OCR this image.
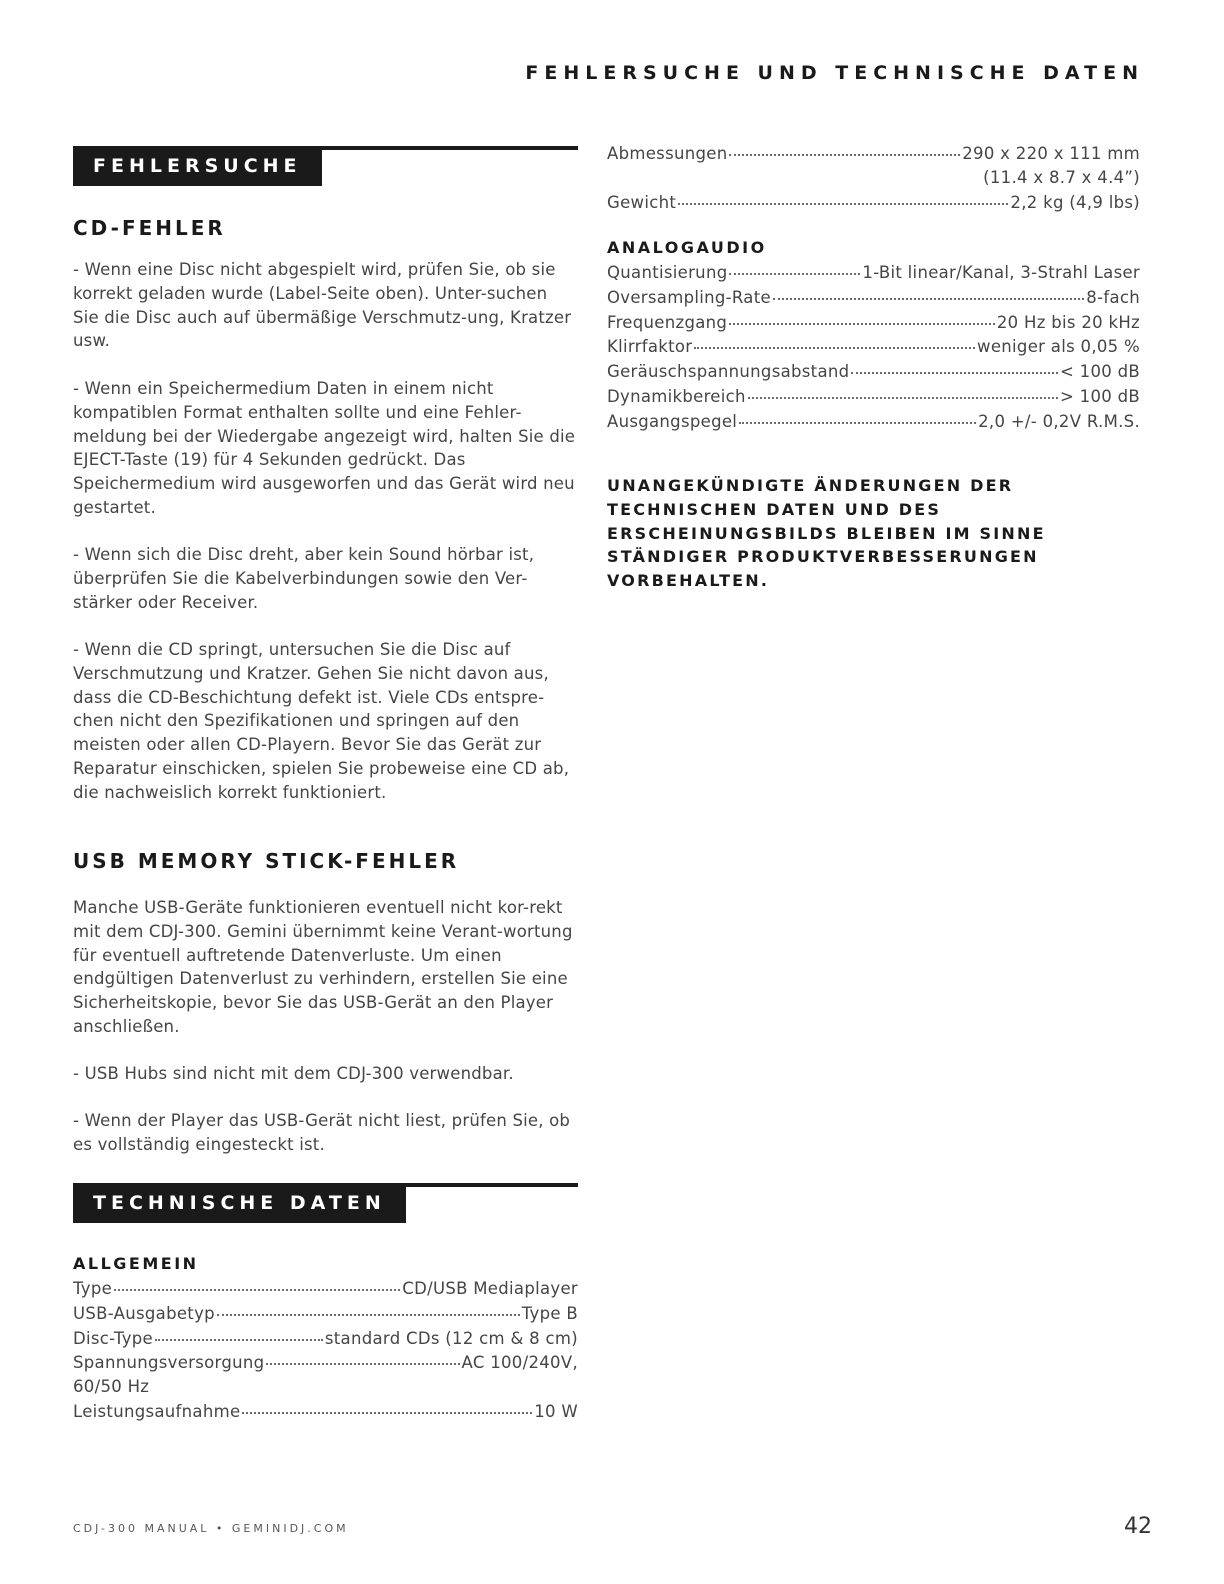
FEHLERSUCHE UND TECHNISCHE DATEN
FEHLERSUCHE
CD-FEHLER

- Wenn eine Disc nicht abgespielt wird, prüfen Sie, ob sie korrekt geladen wurde (Label-Seite oben). Unter-suchen Sie die Disc auch auf übermäßige Verschmutz-ung, Kratzer usw.

- Wenn ein Speichermedium Daten in einem nicht kompatiblen Format enthalten sollte und eine Fehler-meldung bei der Wiedergabe angezeigt wird, halten Sie die EJECT-Taste (19) für 4 Sekunden gedrückt. Das Speichermedium wird ausgeworfen und das Gerät wird neu gestartet.

- Wenn sich die Disc dreht, aber kein Sound hörbar ist, überprüfen Sie die Kabelverbindungen sowie den Ver-stärker oder Receiver.

- Wenn die CD springt, untersuchen Sie die Disc auf Verschmutzung und Kratzer. Gehen Sie nicht davon aus, dass die CD-Beschichtung defekt ist. Viele CDs entspre-chen nicht den Spezifikationen und springen auf den meisten oder allen CD-Playern. Bevor Sie das Gerät zur Reparatur einschicken, spielen Sie probeweise eine CD ab, die nachweislich korrekt funktioniert.

USB MEMORY STICK-FEHLER

Manche USB-Geräte funktionieren eventuell nicht kor-rekt mit dem CDJ-300. Gemini übernimmt keine Verant-wortung für eventuell auftretende Datenverluste. Um einen endgültigen Datenverlust zu verhindern, erstellen Sie eine Sicherheitskopie, bevor Sie das USB-Gerät an den Player anschließen.

- USB Hubs sind nicht mit dem CDJ-300 verwendbar.

- Wenn der Player das USB-Gerät nicht liest, prüfen Sie, ob es vollständig eingesteckt ist.

TECHNISCHE DATEN
ALLGEMEIN
Type	CD/USB Mediaplayer
USB-Ausgabetyp	Type B
Disc-Type	standard CDs (12 cm & 8 cm)
Spannungsversorgung	AC 100/240V,
60/50 Hz
Leistungsaufnahme	10 W
Abmessungen	290 x 220 x 111 mm
(11.4 x 8.7 x 4.4”)
Gewicht	2,2 kg (4,9 lbs)
ANALOGAUDIO
Quantisierung	1-Bit linear/Kanal, 3-Strahl Laser
Oversampling-Rate	8-fach
Frequenzgang	20 Hz bis 20 kHz
Klirrfaktor	weniger als 0,05 %
Geräuschspannungsabstand	< 100 dB
Dynamikbereich	> 100 dB
Ausgangspegel	2,0 +/- 0,2V R.M.S.

UNANGEKÜNDIGTE ÄNDERUNGEN DER TECHNISCHEN DATEN UND DES ERSCHEINUNGSBILDS BLEIBEN IM SINNE STÄNDIGER PRODUKTVERBESSERUNGEN VORBEHALTEN.

CDJ-300 MANUAL • GEMINIDJ.COM	42
